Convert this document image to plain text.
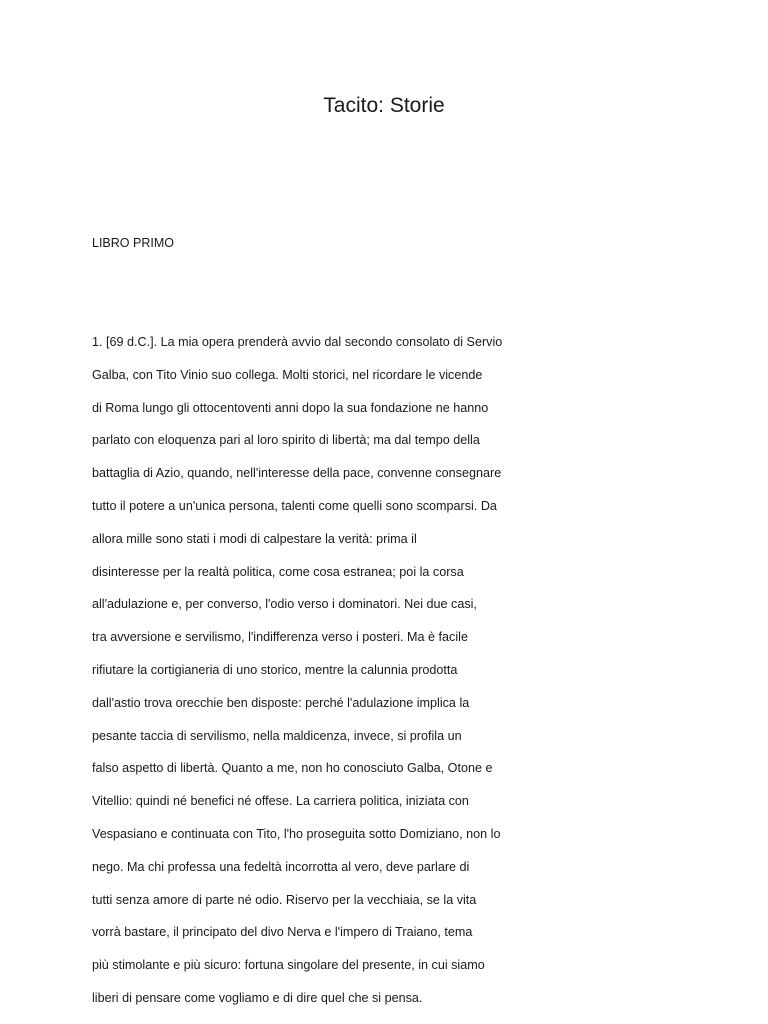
Tacito: Storie
LIBRO PRIMO
1. [69 d.C.]. La mia opera prenderà avvio dal secondo consolato di Servio
Galba, con Tito Vinio suo collega. Molti storici, nel ricordare le vicende
di Roma lungo gli ottocentoventi anni dopo la sua fondazione ne hanno
parlato con eloquenza pari al loro spirito di libertà; ma dal tempo della
battaglia di Azio, quando, nell'interesse della pace, convenne consegnare
tutto il potere a un'unica persona, talenti come quelli sono scomparsi. Da
allora mille sono stati i modi di calpestare la verità: prima il
disinteresse per la realtà politica, come cosa estranea; poi la corsa
all'adulazione e, per converso, l'odio verso i dominatori. Nei due casi,
tra avversione e servilismo, l'indifferenza verso i posteri. Ma è facile
rifiutare la cortigianeria di uno storico, mentre la calunnia prodotta
dall'astio trova orecchie ben disposte: perché l'adulazione implica la
pesante taccia di servilismo, nella maldicenza, invece, si profila un
falso aspetto di libertà. Quanto a me, non ho conosciuto Galba, Otone e
Vitellio: quindi né benefici né offese. La carriera politica, iniziata con
Vespasiano e continuata con Tito, l'ho proseguita sotto Domiziano, non lo
nego. Ma chi professa una fedeltà incorrotta al vero, deve parlare di
tutti senza amore di parte né odio. Riservo per la vecchiaia, se la vita
vorrà bastare, il principato del divo Nerva e l'impero di Traiano, tema
più stimolante e più sicuro: fortuna singolare del presente, in cui siamo
liberi di pensare come vogliamo e di dire quel che si pensa.
